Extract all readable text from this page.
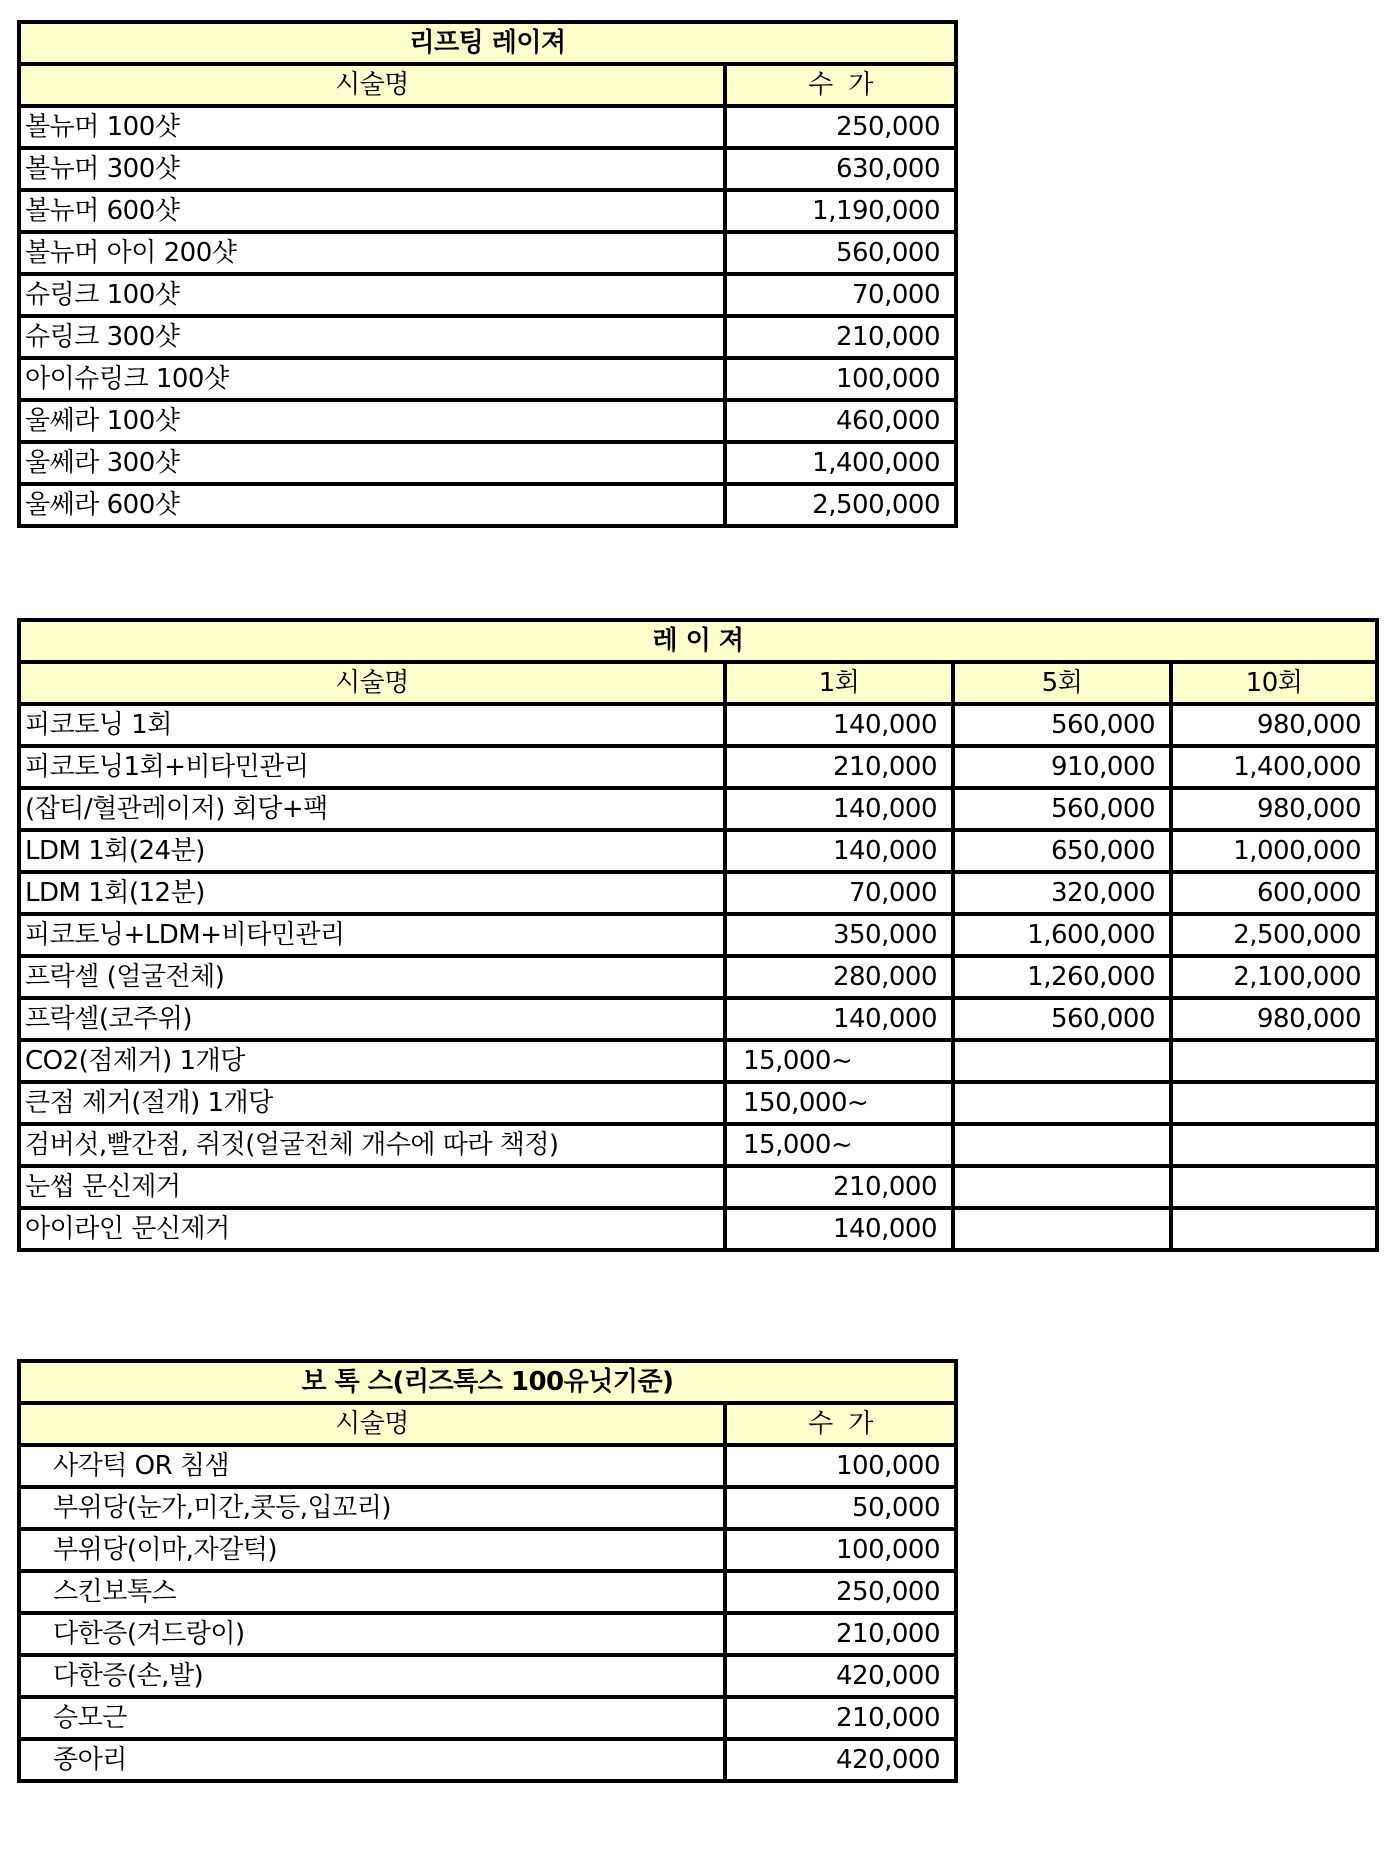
리프팅 레이져	
시술명	수  가
볼뉴머 100샷	250,000
볼뉴머 300샷	630,000
볼뉴머 600샷	1,190,000
볼뉴머 아이 200샷	560,000
슈링크 100샷	70,000
슈링크 300샷	210,000
아이슈링크 100샷	100,000
울쎄라 100샷	460,000
울쎄라 300샷	1,400,000
울쎄라 600샷	2,500,000
레 이 져			
시술명	1회	5회	10회
피코토닝 1회	140,000	560,000	980,000
피코토닝1회+비타민관리	210,000	910,000	1,400,000
(잡티/혈관레이저) 회당+팩	140,000	560,000	980,000
LDM 1회(24분)	140,000	650,000	1,000,000
LDM 1회(12분)	70,000	320,000	600,000
피코토닝+LDM+비타민관리	350,000	1,600,000	2,500,000
프락셀 (얼굴전체)	280,000	1,260,000	2,100,000
프락셀(코주위)	140,000	560,000	980,000
CO2(점제거) 1개당	15,000~		
큰점 제거(절개) 1개당	150,000~		
검버섯,빨간점, 쥐젓(얼굴전체 개수에 따라 책정)	15,000~		
눈썹 문신제거	210,000		
아이라인 문신제거	140,000		
보 톡 스(리즈톡스 100유닛기준)	
시술명	수  가
사각턱 OR 침샘	100,000
부위당(눈가,미간,콧등,입꼬리)	50,000
부위당(이마,자갈턱)	100,000
스킨보톡스	250,000
다한증(겨드랑이)	210,000
다한증(손,발)	420,000
승모근	210,000
종아리	420,000
